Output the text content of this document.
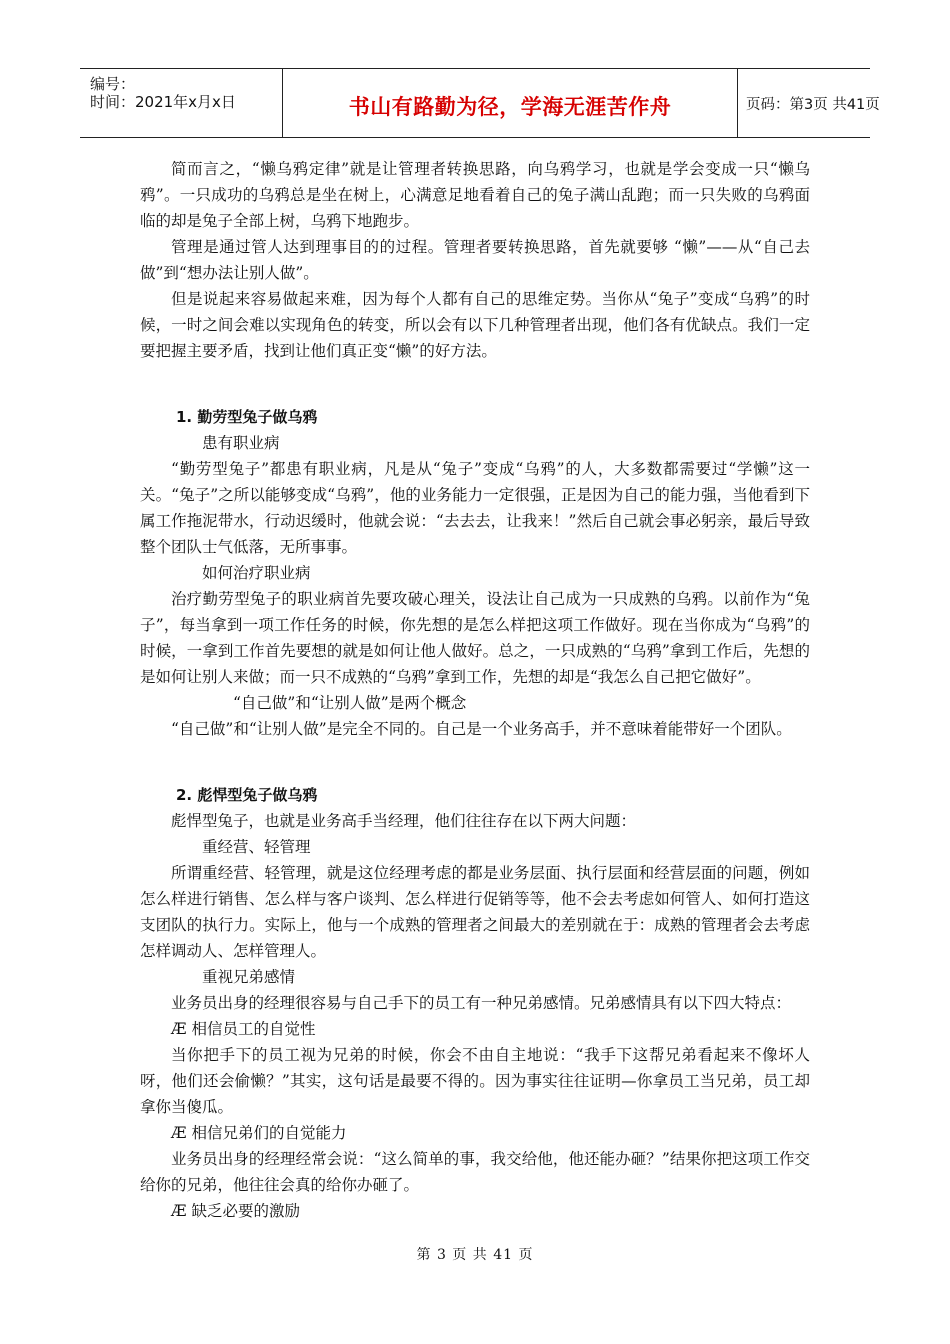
编号：
时间：2021年x月x日	书山有路勤为径，学海无涯苦作舟	页码：第3页 共41页

简而言之，“懒乌鸦定律”就是让管理者转换思路，向乌鸦学习，也就是学会变成一只“懒乌鸦”。一只成功的乌鸦总是坐在树上，心满意足地看着自己的兔子满山乱跑；而一只失败的乌鸦面临的却是兔子全部上树，乌鸦下地跑步。

管理是通过管人达到理事目的的过程。管理者要转换思路，首先就要够 “懒”——从“自己去做”到“想办法让别人做”。

但是说起来容易做起来难，因为每个人都有自己的思维定势。当你从“兔子”变成“乌鸦”的时候，一时之间会难以实现角色的转变，所以会有以下几种管理者出现，他们各有优缺点。我们一定要把握主要矛盾，找到让他们真正变“懒”的好方法。

1. 勤劳型兔子做乌鸦

患有职业病

“勤劳型兔子”都患有职业病，凡是从“兔子”变成“乌鸦”的人，大多数都需要过“学懒”这一关。“兔子”之所以能够变成“乌鸦”，他的业务能力一定很强，正是因为自己的能力强，当他看到下属工作拖泥带水，行动迟缓时，他就会说：“去去去，让我来！”然后自己就会事必躬亲，最后导致整个团队士气低落，无所事事。

如何治疗职业病

治疗勤劳型兔子的职业病首先要攻破心理关，设法让自己成为一只成熟的乌鸦。以前作为“兔子”，每当拿到一项工作任务的时候，你先想的是怎么样把这项工作做好。现在当你成为“乌鸦”的时候，一拿到工作首先要想的就是如何让他人做好。总之，一只成熟的“乌鸦”拿到工作后，先想的是如何让别人来做；而一只不成熟的“乌鸦”拿到工作，先想的却是“我怎么自己把它做好”。

“自己做”和“让别人做”是两个概念

“自己做”和“让别人做”是完全不同的。自己是一个业务高手，并不意味着能带好一个团队。

2. 彪悍型兔子做乌鸦

彪悍型兔子，也就是业务高手当经理，他们往往存在以下两大问题：

重经营、轻管理

所谓重经营、轻管理，就是这位经理考虑的都是业务层面、执行层面和经营层面的问题，例如怎么样进行销售、怎么样与客户谈判、怎么样进行促销等等，他不会去考虑如何管人、如何打造这支团队的执行力。实际上，他与一个成熟的管理者之间最大的差别就在于：成熟的管理者会去考虑怎样调动人、怎样管理人。

重视兄弟感情

业务员出身的经理很容易与自己手下的员工有一种兄弟感情。兄弟感情具有以下四大特点：

Æ 相信员工的自觉性

当你把手下的员工视为兄弟的时候，你会不由自主地说：“我手下这帮兄弟看起来不像坏人呀，他们还会偷懒？”其实，这句话是最要不得的。因为事实往往证明—你拿员工当兄弟，员工却拿你当傻瓜。

Æ 相信兄弟们的自觉能力

业务员出身的经理经常会说：“这么简单的事，我交给他，他还能办砸？”结果你把这项工作交给你的兄弟，他往往会真的给你办砸了。

Æ 缺乏必要的激励

第 3 页 共 41 页
